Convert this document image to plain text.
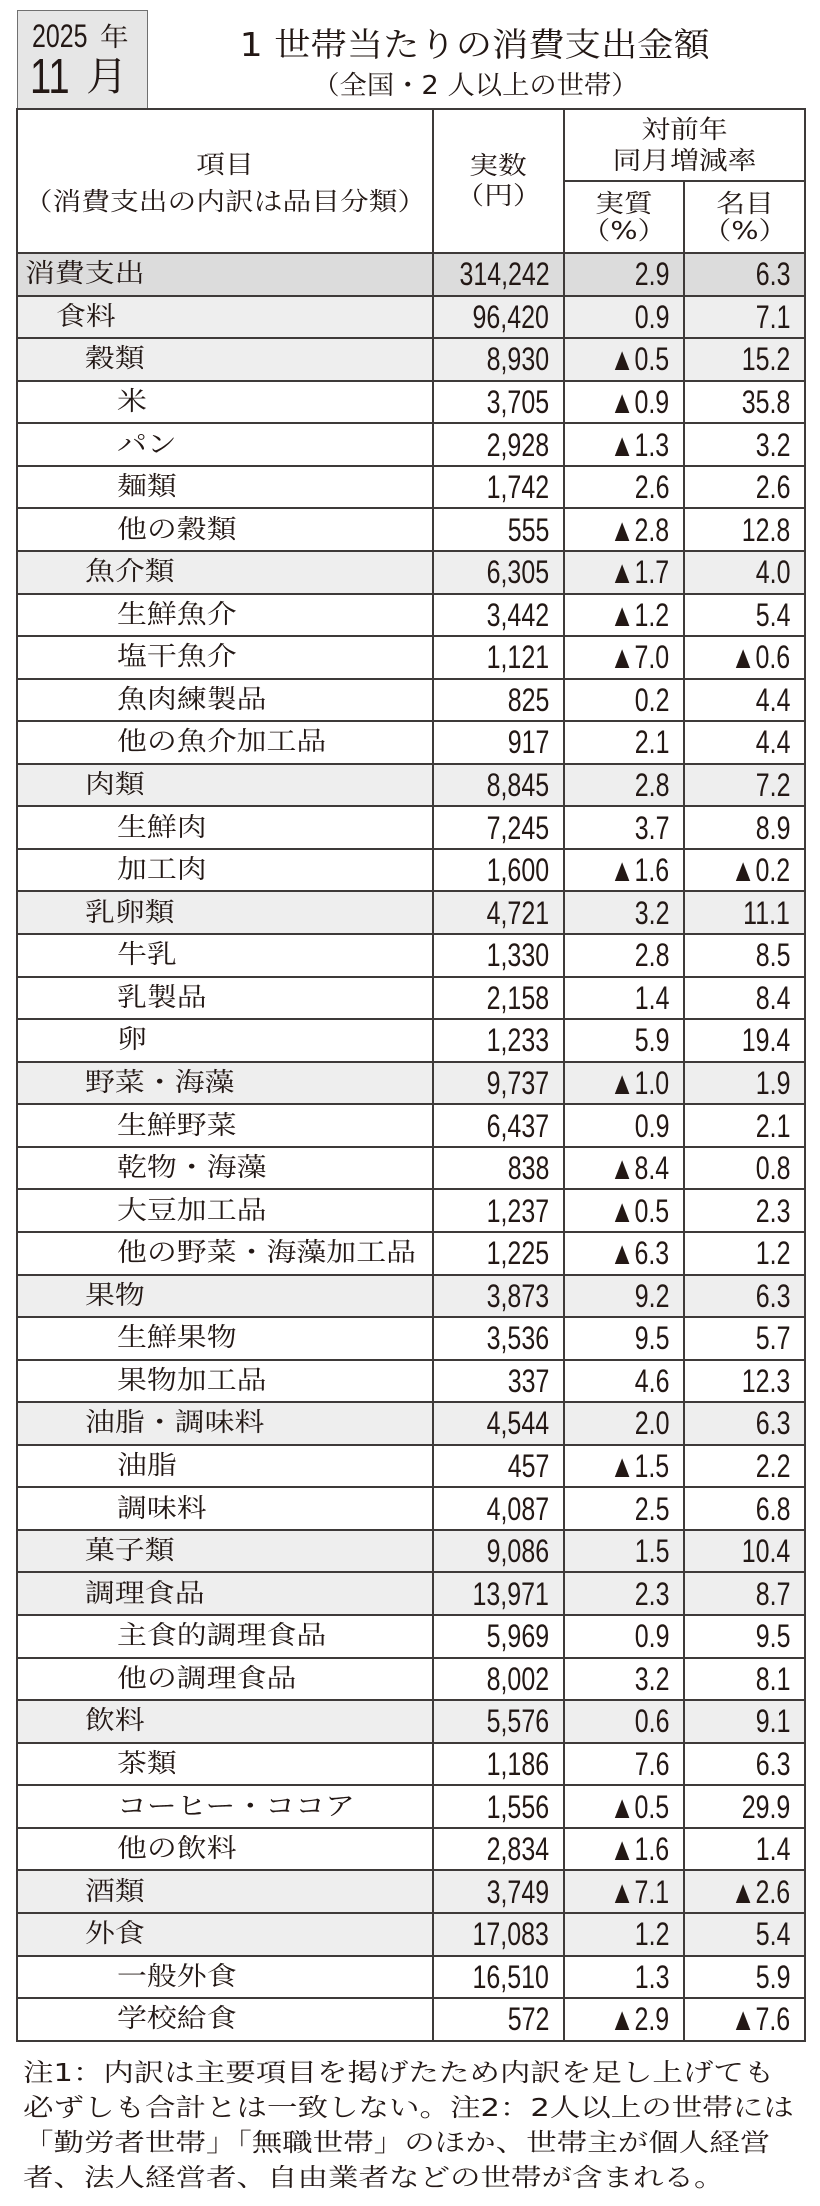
2025 年
11 月
1 世帯当たりの消費支出金額
（全国・2 人以上の世帯）
項目
（消費支出の内訳は品目分類）

実数
（円）

対前年
同月増減率

実質
（%）

名目
（%）

消費支出	314,242	2.9	6.3
食料	96,420	0.9	7.1
穀類	8,930	▲0.5	15.2
米	3,705	▲0.9	35.8
パン	2,928	▲1.3	3.2
麺類	1,742	2.6	2.6
他の穀類	555	▲2.8	12.8
魚介類	6,305	▲1.7	4.0
生鮮魚介	3,442	▲1.2	5.4
塩干魚介	1,121	▲7.0	▲0.6
魚肉練製品	825	0.2	4.4
他の魚介加工品	917	2.1	4.4
肉類	8,845	2.8	7.2
生鮮肉	7,245	3.7	8.9
加工肉	1,600	▲1.6	▲0.2
乳卵類	4,721	3.2	11.1
牛乳	1,330	2.8	8.5
乳製品	2,158	1.4	8.4
卵	1,233	5.9	19.4
野菜・海藻	9,737	▲1.0	1.9
生鮮野菜	6,437	0.9	2.1
乾物・海藻	838	▲8.4	0.8
大豆加工品	1,237	▲0.5	2.3
他の野菜・海藻加工品	1,225	▲6.3	1.2
果物	3,873	9.2	6.3
生鮮果物	3,536	9.5	5.7
果物加工品	337	4.6	12.3
油脂・調味料	4,544	2.0	6.3
油脂	457	▲1.5	2.2
調味料	4,087	2.5	6.8
菓子類	9,086	1.5	10.4
調理食品	13,971	2.3	8.7
主食的調理食品	5,969	0.9	9.5
他の調理食品	8,002	3.2	8.1
飲料	5,576	0.6	9.1
茶類	1,186	7.6	6.3
コーヒー・ココア	1,556	▲0.5	29.9
他の飲料	2,834	▲1.6	1.4
酒類	3,749	▲7.1	▲2.6
外食	17,083	1.2	5.4
一般外食	16,510	1.3	5.9
学校給食	572	▲2.9	▲7.6
注1：内訳は主要項目を掲げたため内訳を足し上げても
必ずしも合計とは一致しない。注2：2人以上の世帯には
「勤労者世帯」「無職世帯」のほか、世帯主が個人経営
者、法人経営者、自由業者などの世帯が含まれる。
